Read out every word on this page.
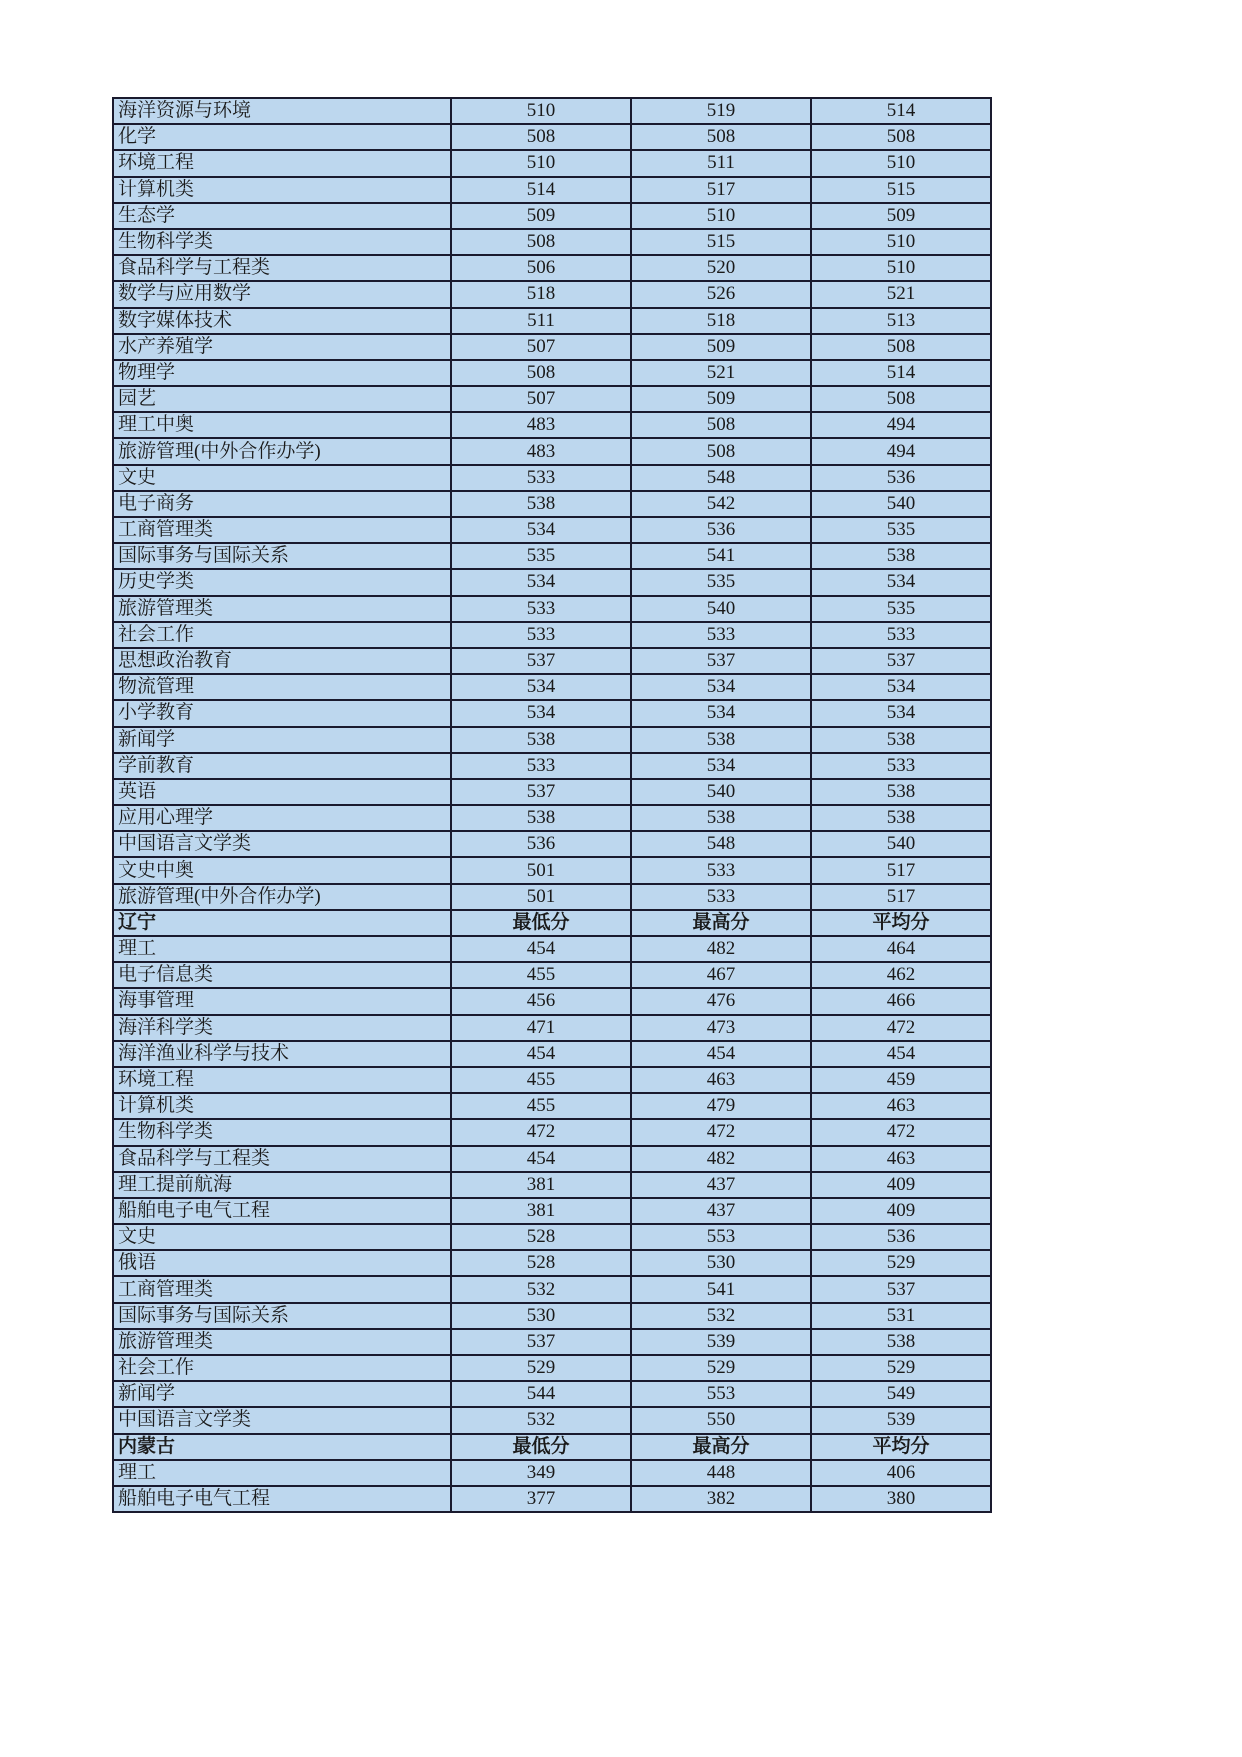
海洋资源与环境	510	519	514
化学	508	508	508
环境工程	510	511	510
计算机类	514	517	515
生态学	509	510	509
生物科学类	508	515	510
食品科学与工程类	506	520	510
数学与应用数学	518	526	521
数字媒体技术	511	518	513
水产养殖学	507	509	508
物理学	508	521	514
园艺	507	509	508
理工中奥	483	508	494
旅游管理(中外合作办学)	483	508	494
文史	533	548	536
电子商务	538	542	540
工商管理类	534	536	535
国际事务与国际关系	535	541	538
历史学类	534	535	534
旅游管理类	533	540	535
社会工作	533	533	533
思想政治教育	537	537	537
物流管理	534	534	534
小学教育	534	534	534
新闻学	538	538	538
学前教育	533	534	533
英语	537	540	538
应用心理学	538	538	538
中国语言文学类	536	548	540
文史中奥	501	533	517
旅游管理(中外合作办学)	501	533	517
辽宁	最低分	最高分	平均分
理工	454	482	464
电子信息类	455	467	462
海事管理	456	476	466
海洋科学类	471	473	472
海洋渔业科学与技术	454	454	454
环境工程	455	463	459
计算机类	455	479	463
生物科学类	472	472	472
食品科学与工程类	454	482	463
理工提前航海	381	437	409
船舶电子电气工程	381	437	409
文史	528	553	536
俄语	528	530	529
工商管理类	532	541	537
国际事务与国际关系	530	532	531
旅游管理类	537	539	538
社会工作	529	529	529
新闻学	544	553	549
中国语言文学类	532	550	539
内蒙古	最低分	最高分	平均分
理工	349	448	406
船舶电子电气工程	377	382	380
